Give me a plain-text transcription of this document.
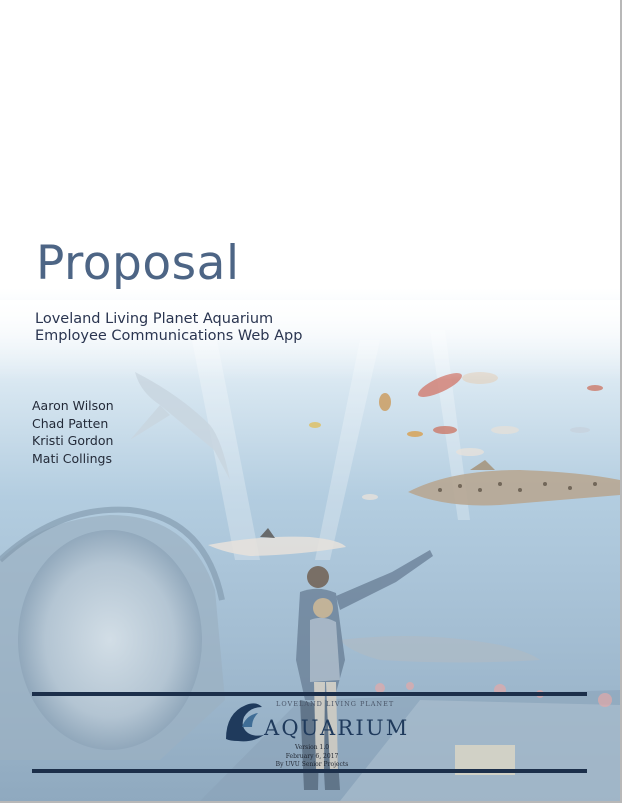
Proposal
Loveland Living Planet Aquarium
Employee Communications Web App
Aaron Wilson
Chad Patten
Kristi Gordon
Mati Collings
LOVELAND LIVING PLANET
AQUARIUM
Version 1.0
February 6, 2017
By UVU Senior Projects
